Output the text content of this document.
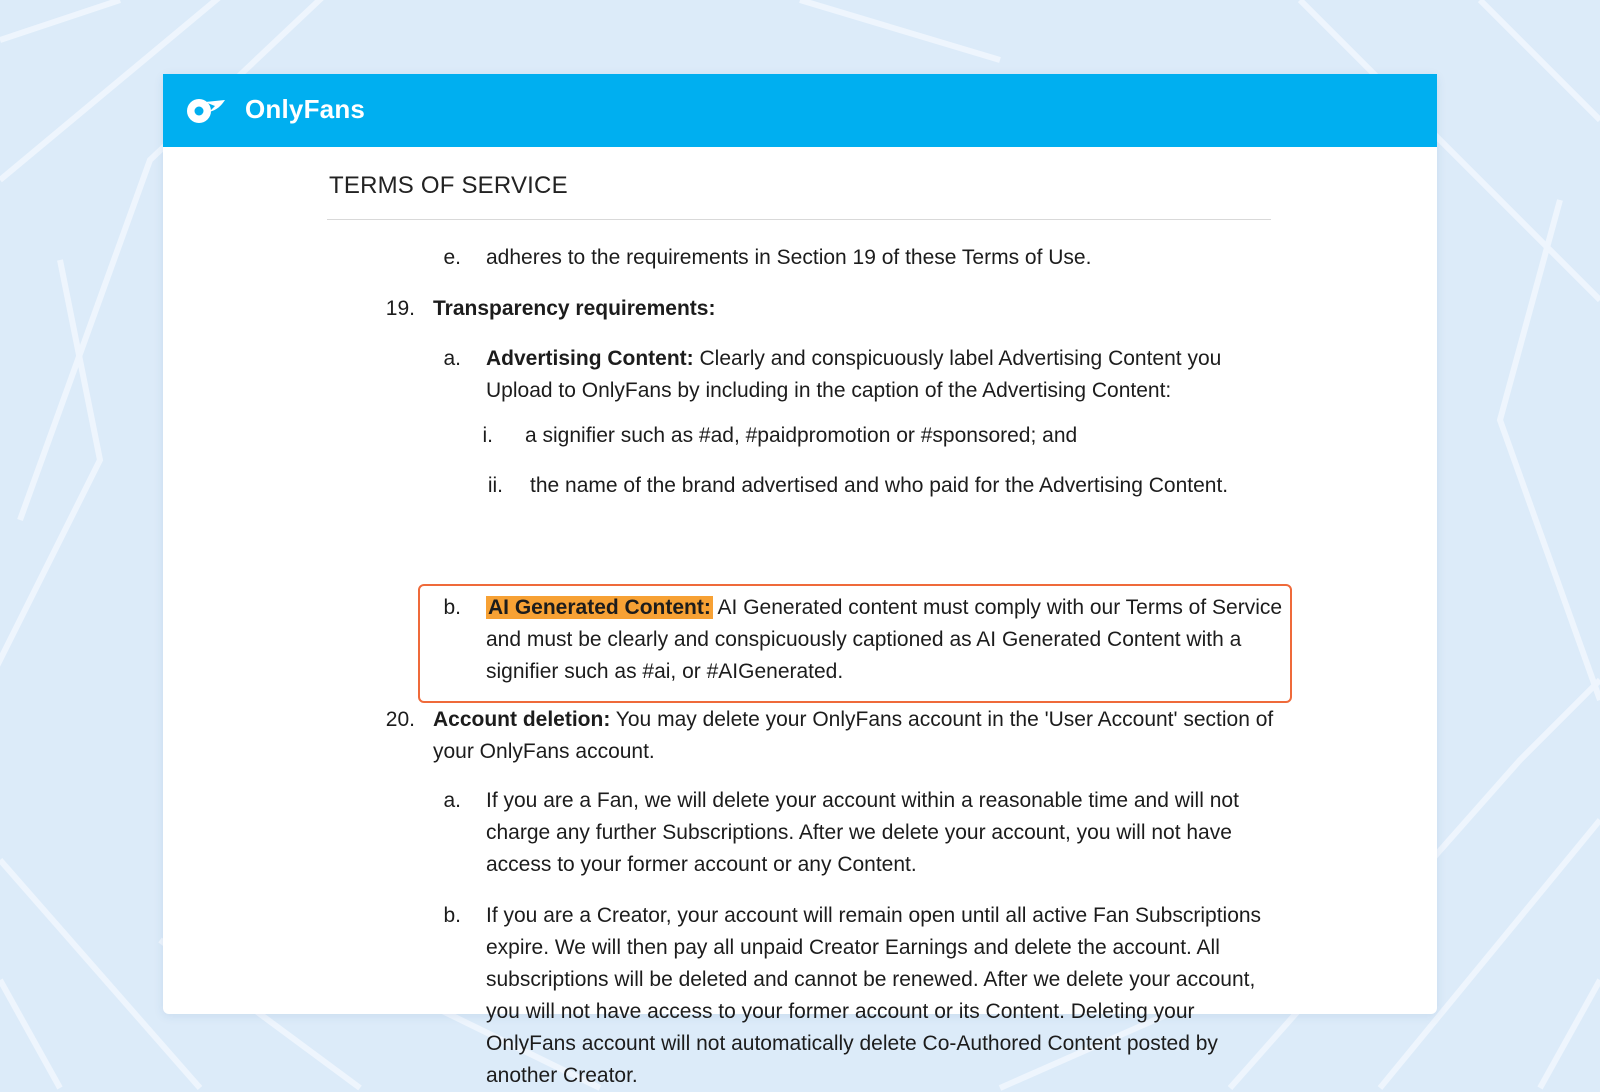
OnlyFans
TERMS OF SERVICE
e. adheres to the requirements in Section 19 of these Terms of Use.
19. Transparency requirements:
a. Advertising Content: Clearly and conspicuously label Advertising Content you
Upload to OnlyFans by including in the caption of the Advertising Content:
i. a signifier such as #ad, #paidpromotion or #sponsored; and
ii. the name of the brand advertised and who paid for the Advertising Content.
b. AI Generated Content: AI Generated content must comply with our Terms of Service
and must be clearly and conspicuously captioned as AI Generated Content with a
signifier such as #ai, or #AIGenerated.
20. Account deletion: You may delete your OnlyFans account in the 'User Account' section of
your OnlyFans account.
a. If you are a Fan, we will delete your account within a reasonable time and will not
charge any further Subscriptions. After we delete your account, you will not have
access to your former account or any Content.
b. If you are a Creator, your account will remain open until all active Fan Subscriptions
expire. We will then pay all unpaid Creator Earnings and delete the account. All
subscriptions will be deleted and cannot be renewed. After we delete your account,
you will not have access to your former account or its Content. Deleting your
OnlyFans account will not automatically delete Co-Authored Content posted by
another Creator.
